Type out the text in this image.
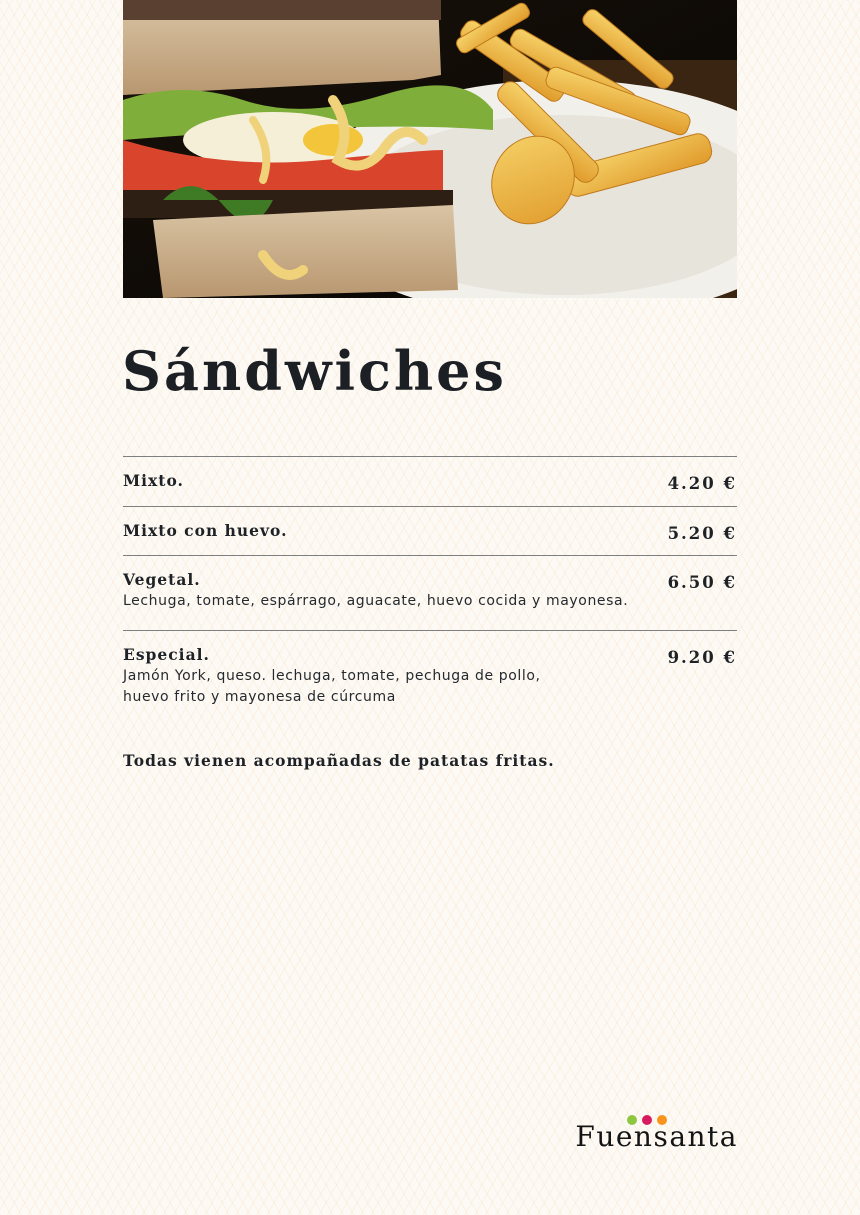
Sándwiches
Mixto.	4.20 €
Mixto con huevo.	5.20 €
Vegetal.	6.50 €
Lechuga, tomate, espárrago, aguacate, huevo cocida y mayonesa.
Especial.	9.20 €
Jamón York, queso. lechuga, tomate, pechuga de pollo, huevo frito y mayonesa de cúrcuma

Todas vienen acompañadas de patatas fritas.

Fuensanta
